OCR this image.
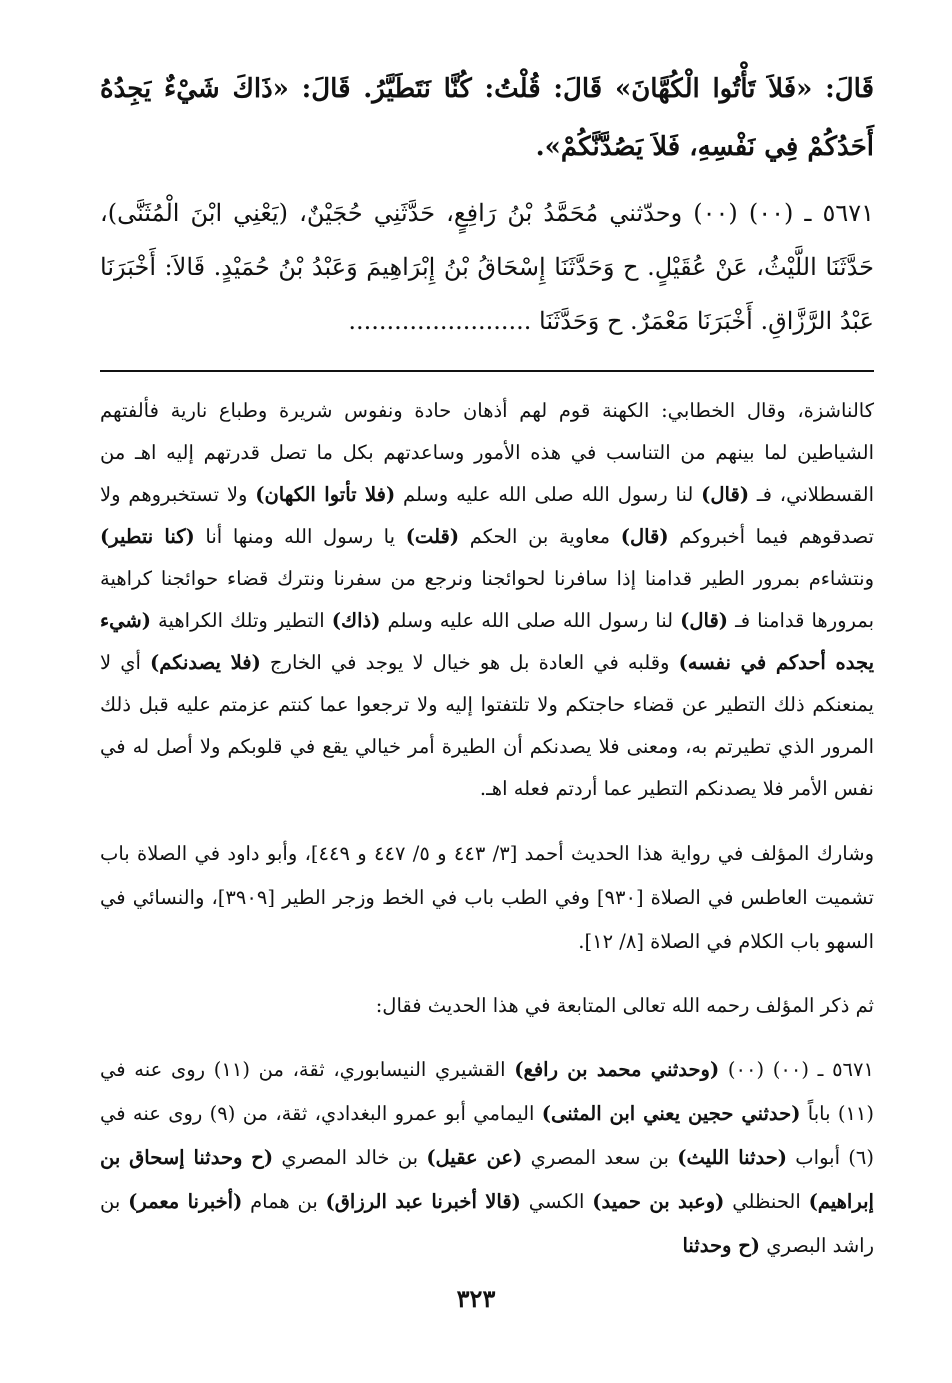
قَالَ: «فَلاَ تَأْتُوا الْكُهَّانَ» قَالَ: قُلْتُ: كُنَّا نَتَطَيَّرُ. قَالَ: «ذَاكَ شَيْءٌ يَجِدُهُ أَحَدُكُمْ فِي نَفْسِهِ، فَلاَ يَصُدَّنَّكُمْ».

٥٦٧١ ـ (٠٠) (٠٠) وحدّثني مُحَمَّدُ بْنُ رَافِعٍ، حَدَّثَنِي حُجَيْنٌ، (يَعْنِي ابْنَ الْمُثَنَّى)، حَدَّثَنَا اللَّيْثُ، عَنْ عُقَيْلٍ. ح وَحَدَّثَنَا إِسْحَاقُ بْنُ إِبْرَاهِيمَ وَعَبْدُ بْنُ حُمَيْدٍ. قَالاَ: أَخْبَرَنَا عَبْدُ الرَّزَّاقِ. أَخْبَرَنَا مَعْمَرٌ. ح وَحَدَّثَنَا ........................

كالناشزة، وقال الخطابي: الكهنة قوم لهم أذهان حادة ونفوس شريرة وطباع نارية فألفتهم الشياطين لما بينهم من التناسب في هذه الأمور وساعدتهم بكل ما تصل قدرتهم إليه اهـ من القسطلاني، فـ (قال) لنا رسول الله صلى الله عليه وسلم (فلا تأتوا الكهان) ولا تستخبروهم ولا تصدقوهم فيما أخبروكم (قال) معاوية بن الحكم (قلت) يا رسول الله ومنها أنا (كنا نتطير) ونتشاءم بمرور الطير قدامنا إذا سافرنا لحوائجنا ونرجع من سفرنا ونترك قضاء حوائجنا كراهية بمرورها قدامنا فـ (قال) لنا رسول الله صلى الله عليه وسلم (ذاك) التطير وتلك الكراهية (شيء يجده أحدكم في نفسه) وقلبه في العادة بل هو خيال لا يوجد في الخارج (فلا يصدنكم) أي لا يمنعنكم ذلك التطير عن قضاء حاجتكم ولا تلتفتوا إليه ولا ترجعوا عما كنتم عزمتم عليه قبل ذلك المرور الذي تطيرتم به، ومعنى فلا يصدنكم أن الطيرة أمر خيالي يقع في قلوبكم ولا أصل له في نفس الأمر فلا يصدنكم التطير عما أردتم فعله اهـ.

وشارك المؤلف في رواية هذا الحديث أحمد [٣/ ٤٤٣ و ٥/ ٤٤٧ و ٤٤٩]، وأبو داود في الصلاة باب تشميت العاطس في الصلاة [٩٣٠] وفي الطب باب في الخط وزجر الطير [٣٩٠٩]، والنسائي في السهو باب الكلام في الصلاة [٨/ ١٢].

ثم ذكر المؤلف رحمه الله تعالى المتابعة في هذا الحديث فقال:

٥٦٧١ ـ (٠٠) (٠٠) (وحدثني محمد بن رافع) القشيري النيسابوري، ثقة، من (١١) روى عنه في (١١) باباً (حدثني حجين يعني ابن المثنى) اليمامي أبو عمرو البغدادي، ثقة، من (٩) روى عنه في (٦) أبواب (حدثنا الليث) بن سعد المصري (عن عقيل) بن خالد المصري (ح وحدثنا إسحاق بن إبراهيم) الحنظلي (وعبد بن حميد) الكسي (قالا أخبرنا عبد الرزاق) بن همام (أخبرنا معمر) بن راشد البصري (ح وحدثنا

٣٢٣
